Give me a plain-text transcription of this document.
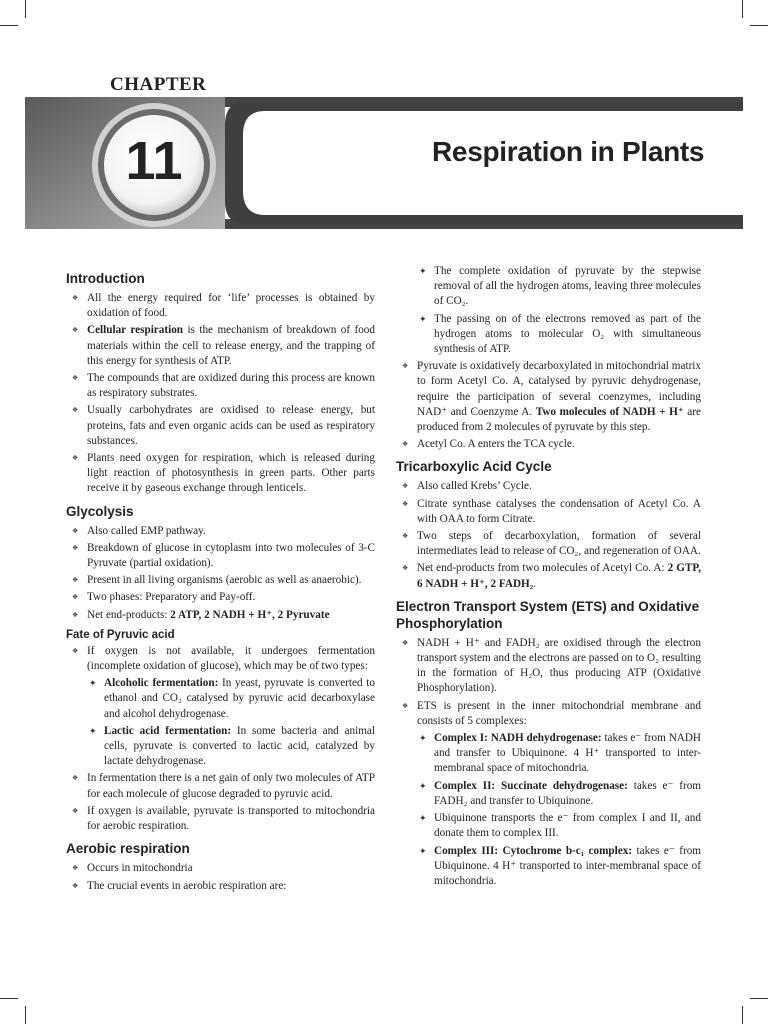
CHAPTER
11	Respiration in Plants
Introduction
❖ All the energy required for ‘life’ processes is obtained by oxidation of food.
❖ Cellular respiration is the mechanism of breakdown of food materials within the cell to release energy, and the trapping of this energy for synthesis of ATP.
❖ The compounds that are oxidized during this process are known as respiratory substrates.
❖ Usually carbohydrates are oxidised to release energy, but proteins, fats and even organic acids can be used as respiratory substances.
❖ Plants need oxygen for respiration, which is released during light reaction of photosynthesis in green parts. Other parts receive it by gaseous exchange through lenticels.
Glycolysis
❖ Also called EMP pathway.
❖ Breakdown of glucose in cytoplasm into two molecules of 3-C Pyruvate (partial oxidation).
❖ Present in all living organisms (aerobic as well as anaerobic).
❖ Two phases: Preparatory and Pay-off.
❖ Net end-products: 2 ATP, 2 NADH + H⁺, 2 Pyruvate
Fate of Pyruvic acid
❖ If oxygen is not available, it undergoes fermentation (incomplete oxidation of glucose), which may be of two types:
✦ Alcoholic fermentation: In yeast, pyruvate is converted to ethanol and CO₂ catalysed by pyruvic acid decarboxylase and alcohol dehydrogenase.
✦ Lactic acid fermentation: In some bacteria and animal cells, pyruvate is converted to lactic acid, catalyzed by lactate dehydrogenase.
❖ In fermentation there is a net gain of only two molecules of ATP for each molecule of glucose degraded to pyruvic acid.
❖ If oxygen is available, pyruvate is transported to mitochondria for aerobic respiration.
Aerobic respiration
❖ Occurs in mitochondria
❖ The crucial events in aerobic respiration are:
✦ The complete oxidation of pyruvate by the stepwise removal of all the hydrogen atoms, leaving three molecules of CO₂.
✦ The passing on of the electrons removed as part of the hydrogen atoms to molecular O₂ with simultaneous synthesis of ATP.
❖ Pyruvate is oxidatively decarboxylated in mitochondrial matrix to form Acetyl Co. A, catalysed by pyruvic dehydrogenase, require the participation of several coenzymes, including NAD⁺ and Coenzyme A. Two molecules of NADH + H⁺ are produced from 2 molecules of pyruvate by this step.
❖ Acetyl Co. A enters the TCA cycle.
Tricarboxylic Acid Cycle
❖ Also called Krebs’ Cycle.
❖ Citrate synthase catalyses the condensation of Acetyl Co. A with OAA to form Citrate.
❖ Two steps of decarboxylation, formation of several intermediates lead to release of CO₂, and regeneration of OAA.
❖ Net end-products from two molecules of Acetyl Co. A: 2 GTP, 6 NADH + H⁺, 2 FADH₂.
Electron Transport System (ETS) and Oxidative Phosphorylation
❖ NADH + H⁺ and FADH₂ are oxidised through the electron transport system and the electrons are passed on to O₂ resulting in the formation of H₂O, thus producing ATP (Oxidative Phosphorylation).
❖ ETS is present in the inner mitochondrial membrane and consists of 5 complexes:
✦ Complex I: NADH dehydrogenase: takes e⁻ from NADH and transfer to Ubiquinone. 4 H⁺ transported to inter-membranal space of mitochondria.
✦ Complex II: Succinate dehydrogenase: takes e⁻ from FADH₂ and transfer to Ubiquinone.
✦ Ubiquinone transports the e⁻ from complex I and II, and donate them to complex III.
✦ Complex III: Cytochrome b-c₁ complex: takes e⁻ from Ubiquinone. 4 H⁺ transported to inter-membranal space of mitochondria.
